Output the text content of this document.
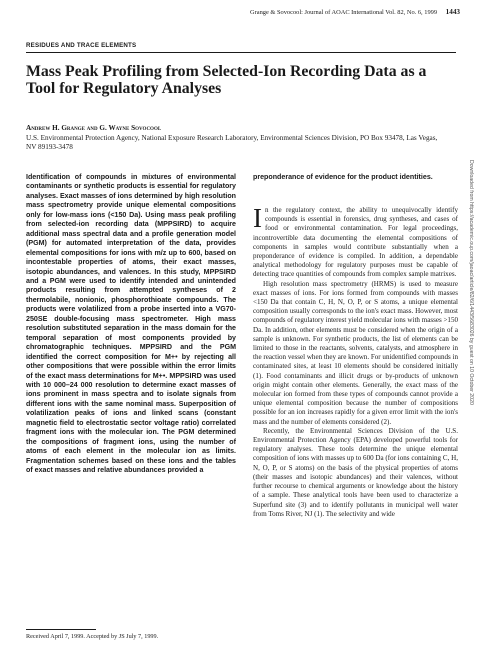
Grange & Sovocool: Journal of AOAC International Vol. 82, No. 6, 1999 1443
RESIDUES AND TRACE ELEMENTS
Mass Peak Profiling from Selected-Ion Recording Data as a Tool for Regulatory Analyses
Andrew H. Grange and G. Wayne Sovocool

U.S. Environmental Protection Agency, National Exposure Research Laboratory, Environmental Sciences Division, PO Box 93478, Las Vegas, NV 89193-3478

Identification of compounds in mixtures of environmental contaminants or synthetic products is essential for regulatory analyses. Exact masses of ions determined by high resolution mass spectrometry provide unique elemental compositions only for low-mass ions (<150 Da). Using mass peak profiling from selected-ion recording data (MPPSIRD) to acquire additional mass spectral data and a profile generation model (PGM) for automated interpretation of the data, provides elemental compositions for ions with m/z up to 600, based on incontestable properties of atoms, their exact masses, isotopic abundances, and valences. In this study, MPPSIRD and a PGM were used to identify intended and unintended products resulting from attempted syntheses of 2 thermolabile, nonionic, phosphorothioate compounds. The products were volatilized from a probe inserted into a VG70-250SE double-focusing mass spectrometer. High mass resolution substituted separation in the mass domain for the temporal separation of most components provided by chromatographic techniques. MPPSIRD and the PGM identified the correct composition for M+• by rejecting all other compositions that were possible within the error limits of the exact mass determinations for M+•. MPPSIRD was used with 10 000–24 000 resolution to determine exact masses of ions prominent in mass spectra and to isolate signals from different ions with the same nominal mass. Superposition of volatilization peaks of ions and linked scans (constant magnetic field to electrostatic sector voltage ratio) correlated fragment ions with the molecular ion. The PGM determined the compositions of fragment ions, using the number of atoms of each element in the molecular ion as limits. Fragmentation schemes based on these ions and the tables of exact masses and relative abundances provided a

preponderance of evidence for the product identities.

In the regulatory context, the ability to unequivocally identify compounds is essential in forensics, drug syntheses, and cases of food or environmental contamination. For legal proceedings, incontrovertible data documenting the elemental compositions of components in samples would contribute substantially when a preponderance of evidence is compiled. In addition, a dependable analytical methodology for regulatory purposes must be capable of detecting trace quantities of compounds from complex sample matrixes.

High resolution mass spectrometry (HRMS) is used to measure exact masses of ions. For ions formed from compounds with masses <150 Da that contain C, H, N, O, P, or S atoms, a unique elemental composition usually corresponds to the ion's exact mass. However, most compounds of regulatory interest yield molecular ions with masses >150 Da. In addition, other elements must be considered when the origin of a sample is unknown. For synthetic products, the list of elements can be limited to those in the reactants, solvents, catalysts, and atmosphere in the reaction vessel when they are known. For unidentified compounds in contaminated sites, at least 10 elements should be considered initially (1). Food contaminants and illicit drugs or by-products of unknown origin might contain other elements. Generally, the exact mass of the molecular ion formed from these types of compounds cannot provide a unique elemental composition because the number of compositions possible for an ion increases rapidly for a given error limit with the ion's mass and the number of elements considered (2).

Recently, the Environmental Sciences Division of the U.S. Environmental Protection Agency (EPA) developed powerful tools for regulatory analyses. These tools determine the unique elemental composition of ions with masses up to 600 Da (for ions containing C, H, N, O, P, or S atoms) on the basis of the physical properties of atoms (their masses and isotopic abundances) and their valences, without further recourse to chemical arguments or knowledge about the history of a sample. These analytical tools have been used to characterize a Superfund site (3) and to identify pollutants in municipal well water from Toms River, NJ (1). The selectivity and wide

Received April 7, 1999. Accepted by JS July 7, 1999.
Downloaded from https://academic.oup.com/jaoac/article/82/6/1443/5683026 by guest on 10 October 2020
